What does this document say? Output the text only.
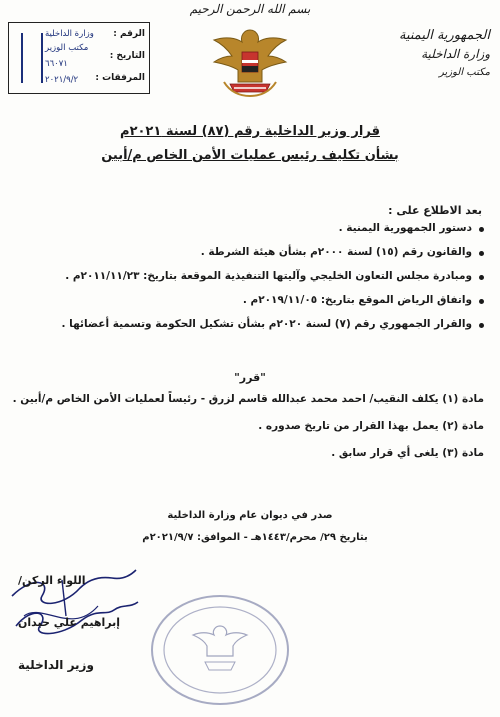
بسم الله الرحمن الرحيم
الرقم :
التاريخ :
المرفقات :
وزارة الداخلية
مكتب الوزير
٦٦٠٧١
٢٠٢١/٩/٢
الجمهورية اليمنية
وزارة الداخلية
مكتب الوزير
قرار وزير الداخلية رقم (٨٧) لسنة ٢٠٢١م
بشأن تكليف رئيس عمليات الأمن الخاص م/أبين
بعد الاطلاع على :
دستور الجمهورية اليمنية .
والقانون رقم (١٥) لسنة ٢٠٠٠م بشأن هيئة الشرطة .
ومبادرة مجلس التعاون الخليجي وآليتها التنفيذية الموقعة بتاريخ: ٢٠١١/١١/٢٣م .
واتفاق الرياض الموقع بتاريخ: ٢٠١٩/١١/٠٥م .
والقرار الجمهوري رقم (٧) لسنة ٢٠٢٠م بشأن تشكيل الحكومة وتسمية أعضائها .
"قرر"
مادة (١) يكلف النقيب/ احمد محمد عبدالله قاسم لزرق - رئيساً لعمليات الأمن الخاص م/أبين .
مادة (٢) يعمل بهذا القرار من تاريخ صدوره .
مادة (٣) يلغى أي قرار سابق .
صدر في ديوان عام وزارة الداخلية
بتاريخ ٢٩/ محرم/١٤٤٣هـ - الموافق: ٢٠٢١/٩/٧م
اللواء الركن/
إبراهيم علي حيدان
وزير الداخلية
